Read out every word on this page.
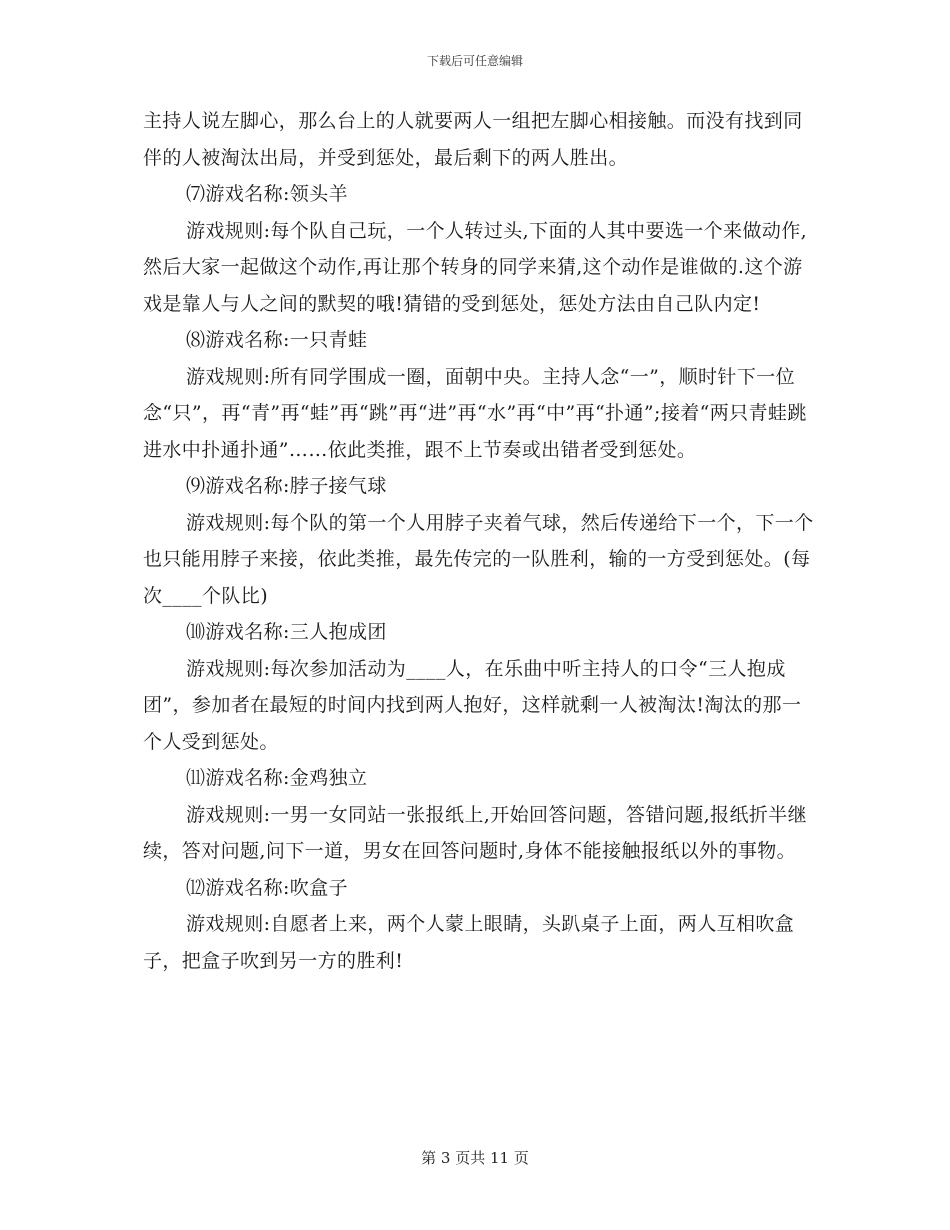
下载后可任意编辑

主持人说左脚心，那么台上的人就要两人一组把左脚心相接触。而没有找到同伴的人被淘汰出局，并受到惩处，最后剩下的两人胜出。

⑺游戏名称:领头羊

游戏规则:每个队自己玩，一个人转过头,下面的人其中要选一个来做动作,然后大家一起做这个动作,再让那个转身的同学来猜,这个动作是谁做的.这个游戏是靠人与人之间的默契的哦!猜错的受到惩处，惩处方法由自己队内定!

⑻游戏名称:一只青蛙

游戏规则:所有同学围成一圈，面朝中央。主持人念“一”，顺时针下一位念“只”，再“青”再“蛙”再“跳”再“进”再“水”再“中”再“扑通”;接着“两只青蛙跳进水中扑通扑通”……依此类推，跟不上节奏或出错者受到惩处。

⑼游戏名称:脖子接气球

游戏规则:每个队的第一个人用脖子夹着气球，然后传递给下一个，下一个也只能用脖子来接，依此类推，最先传完的一队胜利，输的一方受到惩处。(每次____个队比)

⑽游戏名称:三人抱成团

游戏规则:每次参加活动为____人，在乐曲中听主持人的口令“三人抱成团”，参加者在最短的时间内找到两人抱好，这样就剩一人被淘汰!淘汰的那一个人受到惩处。

⑾游戏名称:金鸡独立

游戏规则:一男一女同站一张报纸上,开始回答问题，答错问题,报纸折半继续，答对问题,问下一道，男女在回答问题时,身体不能接触报纸以外的事物。

⑿游戏名称:吹盒子

游戏规则:自愿者上来，两个人蒙上眼睛，头趴桌子上面，两人互相吹盒子，把盒子吹到另一方的胜利!

第 3 页共 11 页
